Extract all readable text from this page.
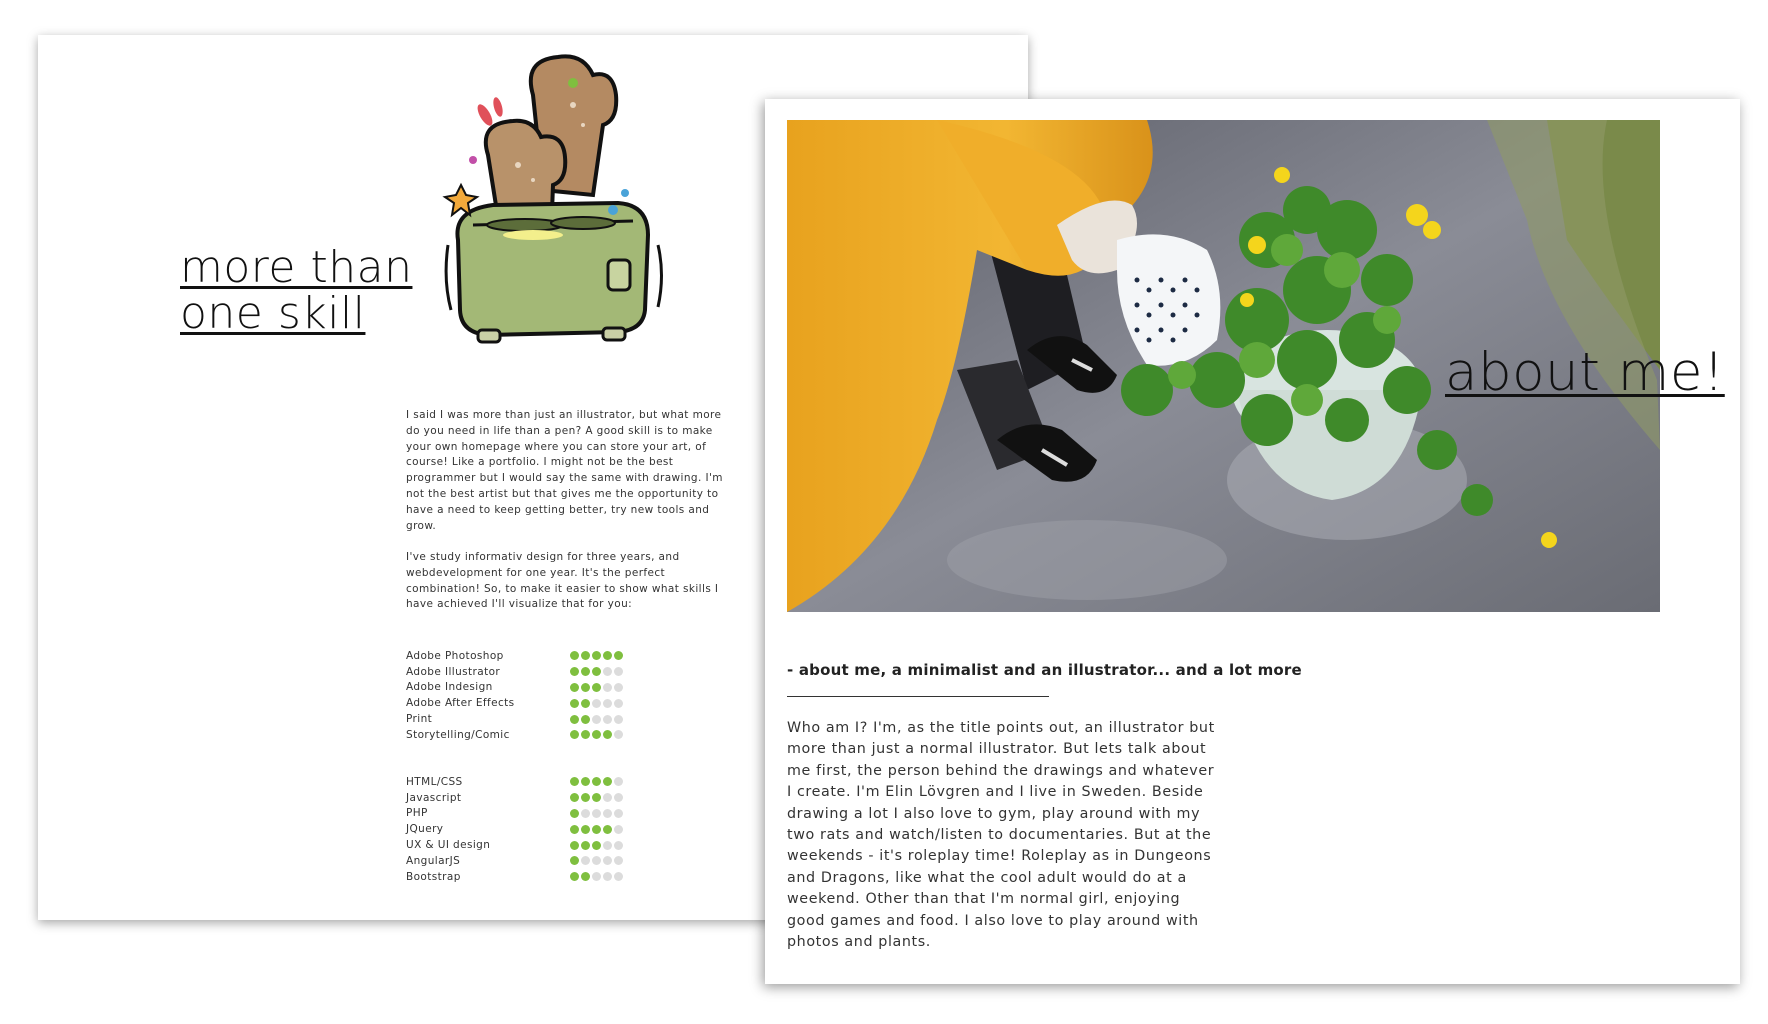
more than
one skill
I said I was more than just an illustrator, but what more do you need in life than a pen? A good skill is to make your own homepage where you can store your art, of course! Like a portfolio. I might not be the best programmer but I would say the same with drawing. I'm not the best artist but that gives me the opportunity to have a need to keep getting better, try new tools and grow.
I've study informativ design for three years, and webdevelopment for one year. It's the perfect combination! So, to make it easier to show what skills I have achieved I'll visualize that for you:
Adobe Photoshop
Adobe Illustrator
Adobe Indesign
Adobe After Effects
Print
Storytelling/Comic
HTML/CSS
Javascript
PHP
JQuery
UX & UI design
AngularJS
Bootstrap
about me!
- about me, a minimalist and an illustrator... and a lot more
Who am I? I'm, as the title points out, an illustrator but more than just a normal illustrator. But lets talk about me first, the person behind the drawings and whatever I create. I'm Elin Lövgren and I live in Sweden. Beside drawing a lot I also love to gym, play around with my two rats and watch/listen to documentaries. But at the weekends - it's roleplay time! Roleplay as in Dungeons and Dragons, like what the cool adult would do at a weekend. Other than that I'm normal girl, enjoying good games and food. I also love to play around with photos and plants.
